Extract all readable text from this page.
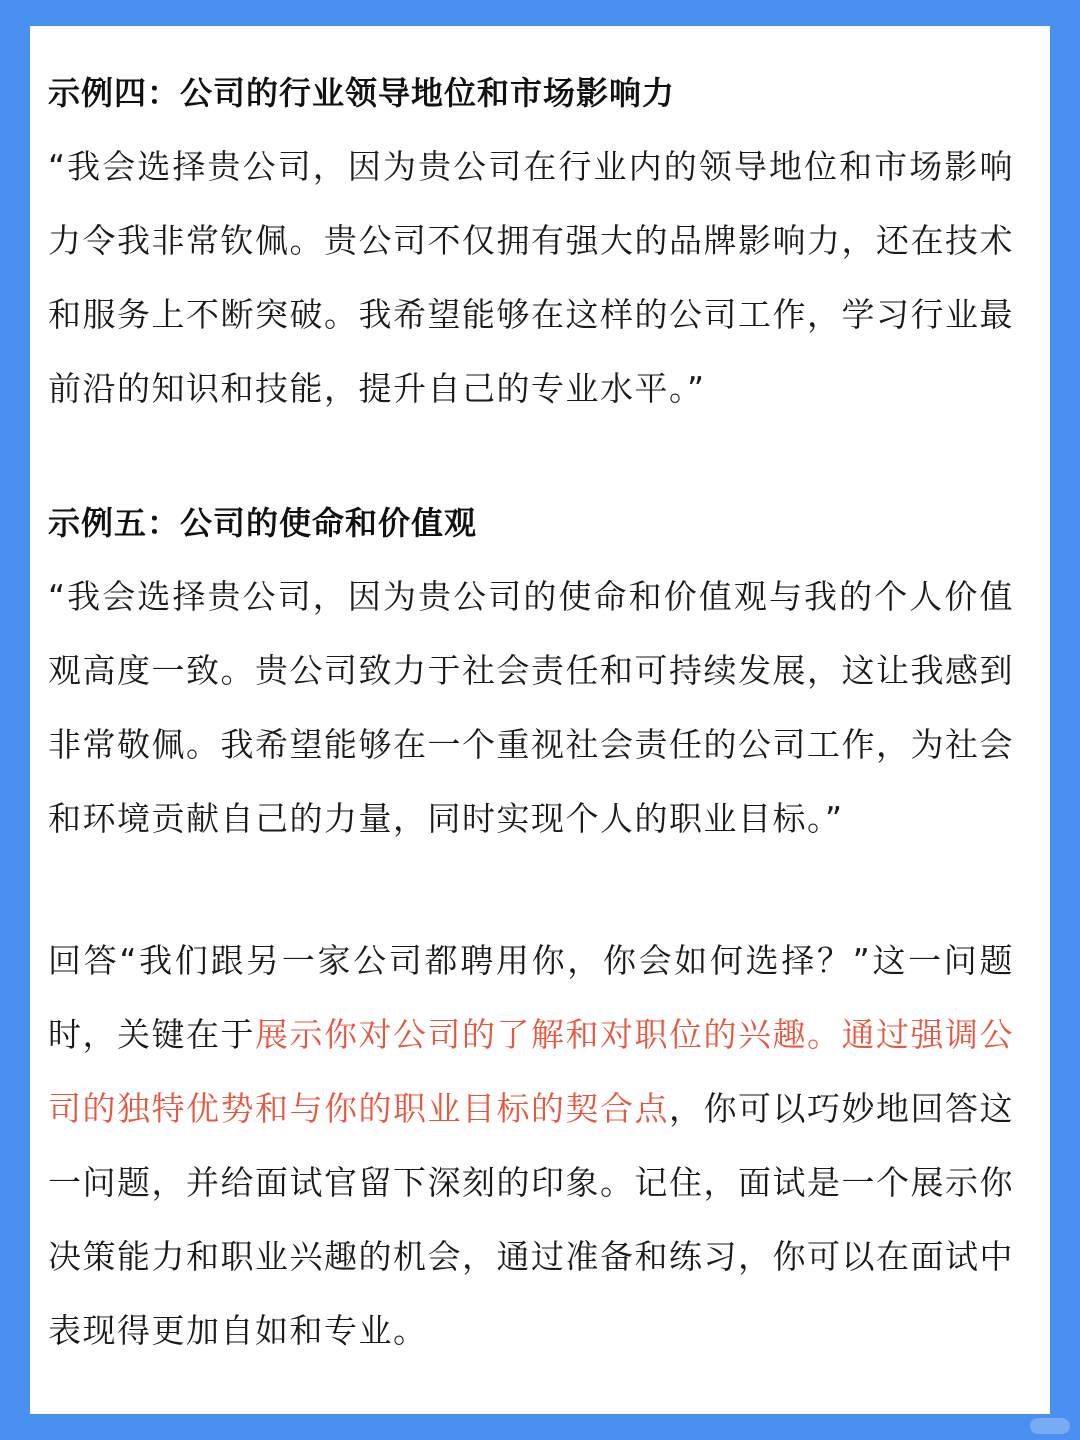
示例四：公司的行业领导地位和市场影响力

“我会选择贵公司，因为贵公司在行业内的领导地位和市场影响力令我非常钦佩。贵公司不仅拥有强大的品牌影响力，还在技术和服务上不断突破。我希望能够在这样的公司工作，学习行业最前沿的知识和技能，提升自己的专业水平。”

示例五：公司的使命和价值观

“我会选择贵公司，因为贵公司的使命和价值观与我的个人价值观高度一致。贵公司致力于社会责任和可持续发展，这让我感到非常敬佩。我希望能够在一个重视社会责任的公司工作，为社会和环境贡献自己的力量，同时实现个人的职业目标。”

回答“我们跟另一家公司都聘用你，你会如何选择？”这一问题时，关键在于展示你对公司的了解和对职位的兴趣。通过强调公司的独特优势和与你的职业目标的契合点，你可以巧妙地回答这一问题，并给面试官留下深刻的印象。记住，面试是一个展示你决策能力和职业兴趣的机会，通过准备和练习，你可以在面试中表现得更加自如和专业。
